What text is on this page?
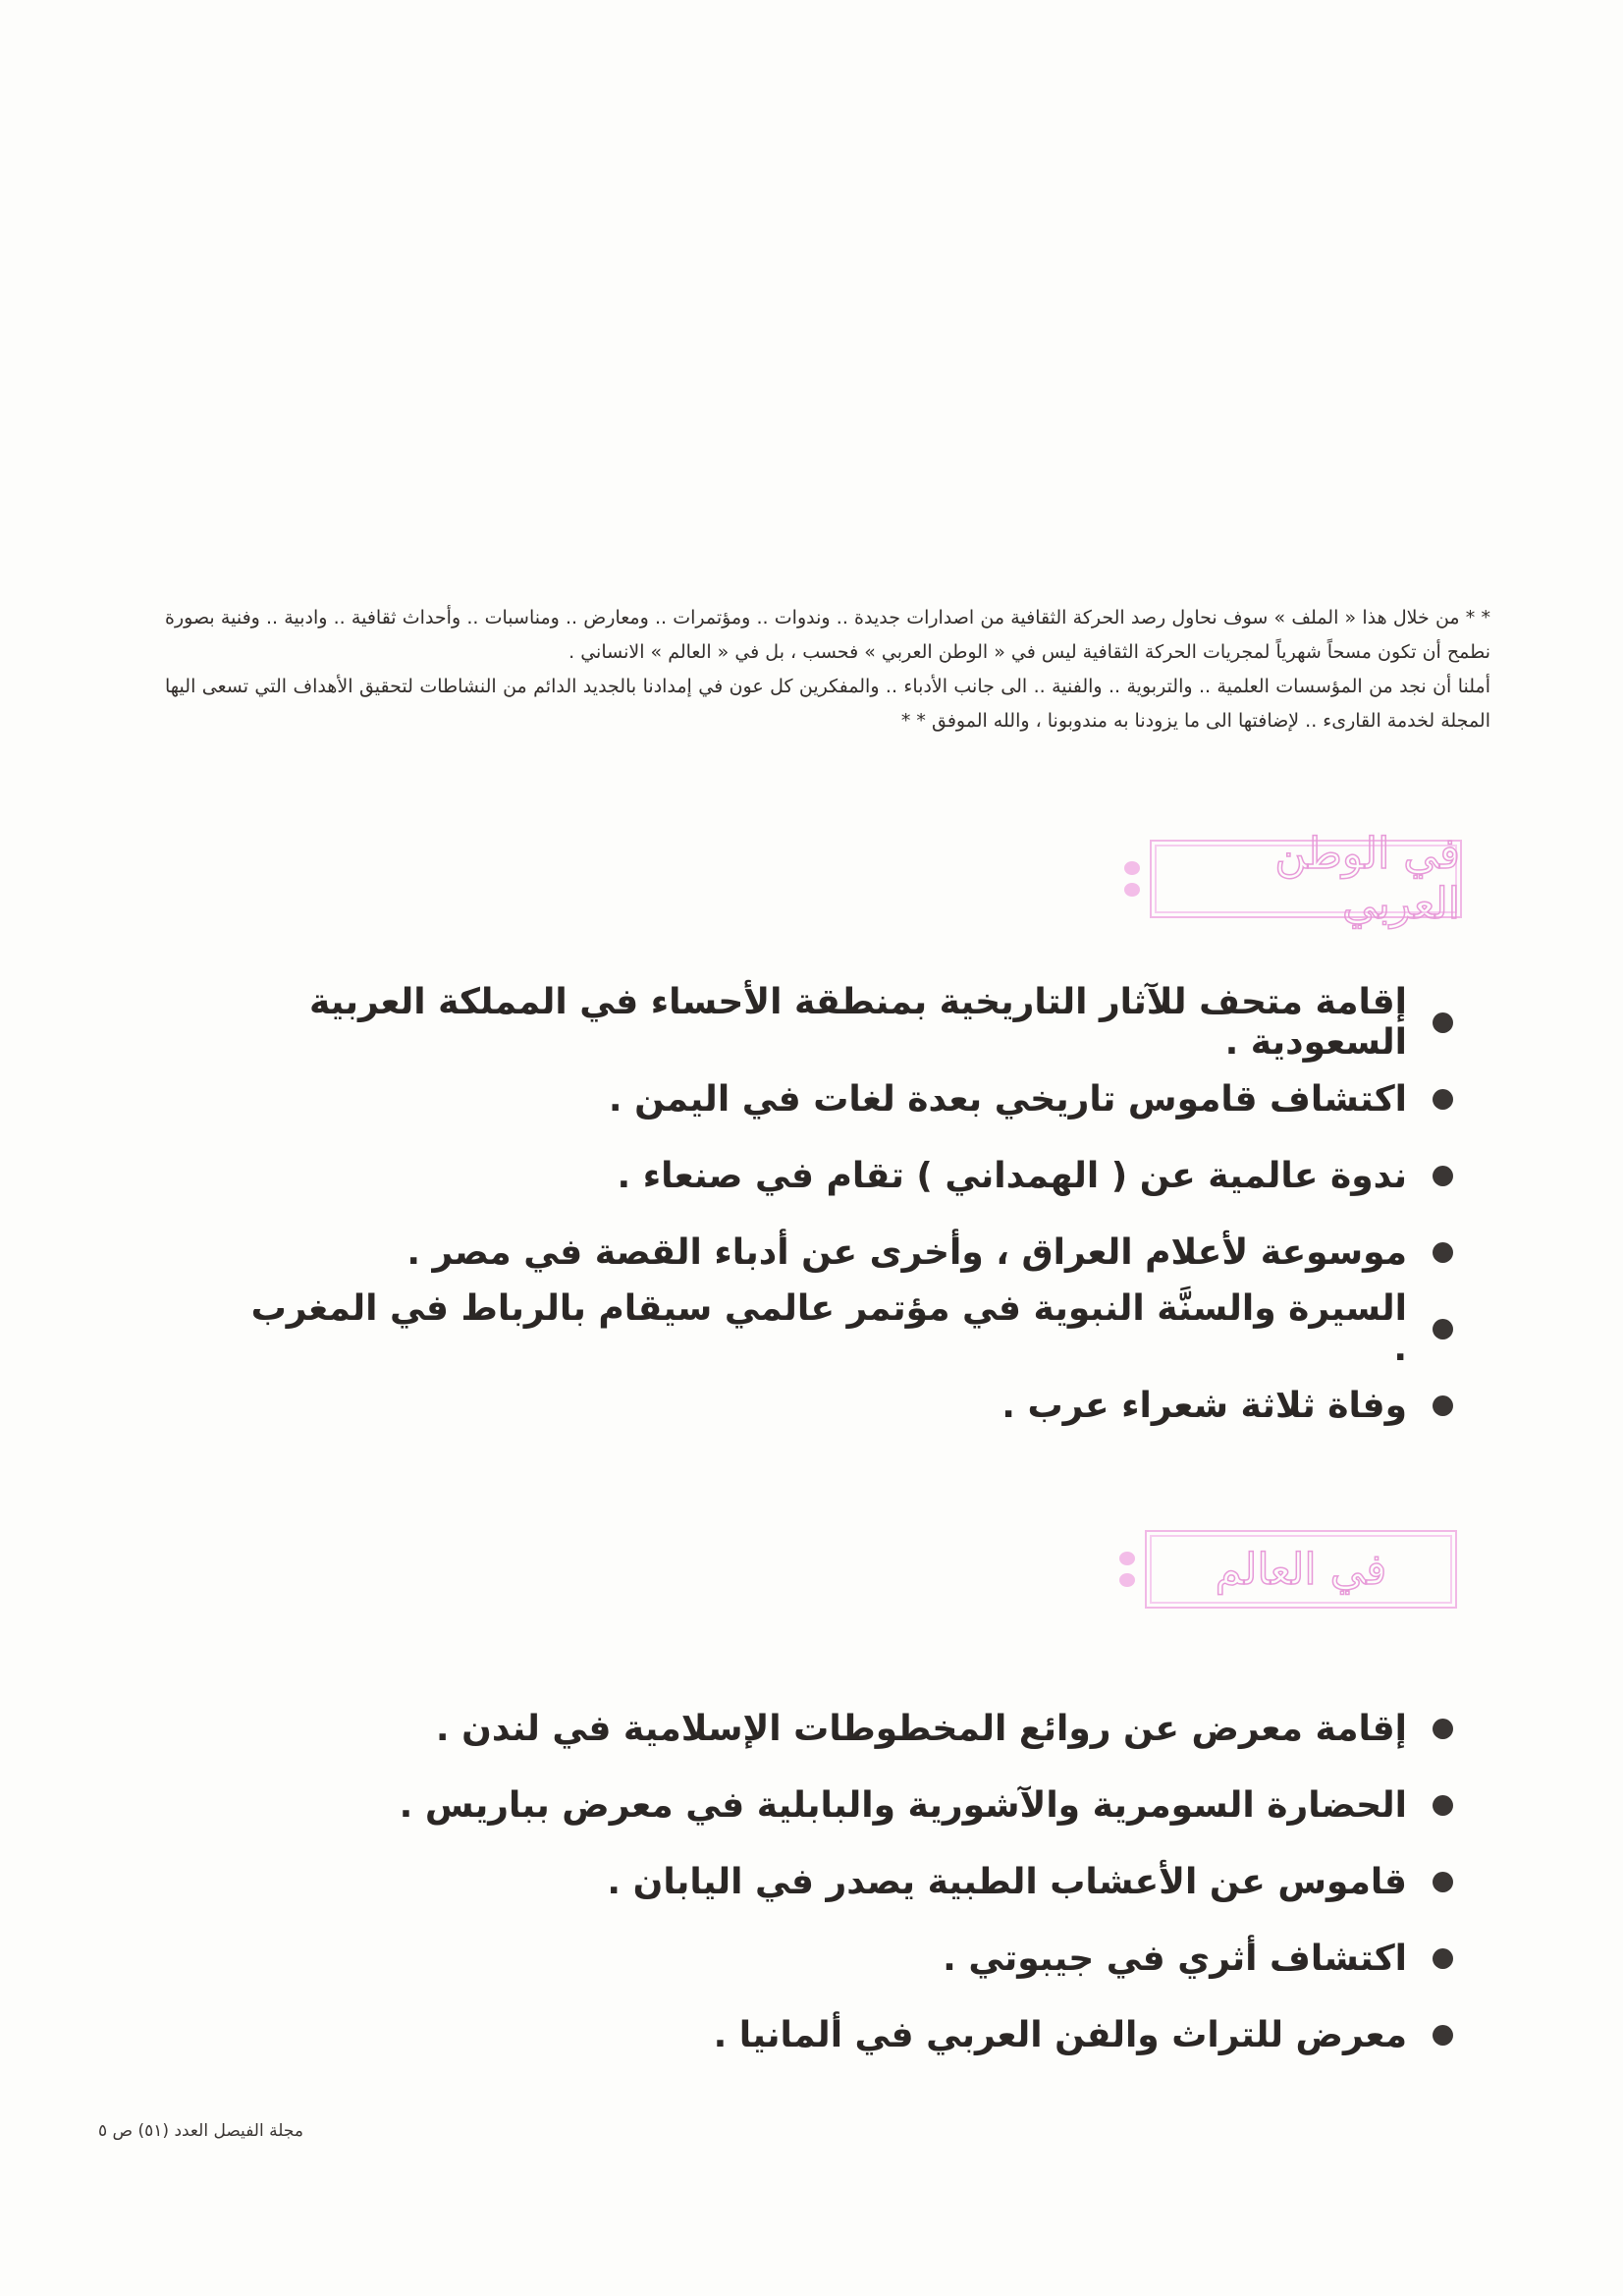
* * من خلال هذا « الملف » سوف نحاول رصد الحركة الثقافية من اصدارات جديدة .. وندوات .. ومؤتمرات .. ومعارض .. ومناسبات .. وأحداث ثقافية .. وادبية .. وفنية بصورة نطمح أن تكون مسحاً شهرياً لمجريات الحركة الثقافية ليس في « الوطن العربي » فحسب ، بل في « العالم » الانساني .

أملنا أن نجد من المؤسسات العلمية .. والتربوية .. والفنية .. الى جانب الأدباء .. والمفكرين كل عون في إمدادنا بالجديد الدائم من النشاطات لتحقيق الأهداف التي تسعى اليها المجلة لخدمة القارىء .. لإضافتها الى ما يزودنا به مندوبونا ، والله الموفق * *

في الوطن العربي
إقامة متحف للآثار التاريخية بمنطقة الأحساء في المملكة العربية السعودية .
اكتشاف قاموس تاريخي بعدة لغات في اليمن .
ندوة عالمية عن ( الهمداني ) تقام في صنعاء .
موسوعة لأعلام العراق ، وأخرى عن أدباء القصة في مصر .
السيرة والسنَّة النبوية في مؤتمر عالمي سيقام بالرباط في المغرب .
وفاة ثلاثة شعراء عرب .
في العالم
إقامة معرض عن روائع المخطوطات الإسلامية في لندن .
الحضارة السومرية والآشورية والبابلية في معرض بباريس .
قاموس عن الأعشاب الطبية يصدر في اليابان .
اكتشاف أثري في جيبوتي .
معرض للتراث والفن العربي في ألمانيا .
مجلة الفيصل العدد (٥١) ص ٥
